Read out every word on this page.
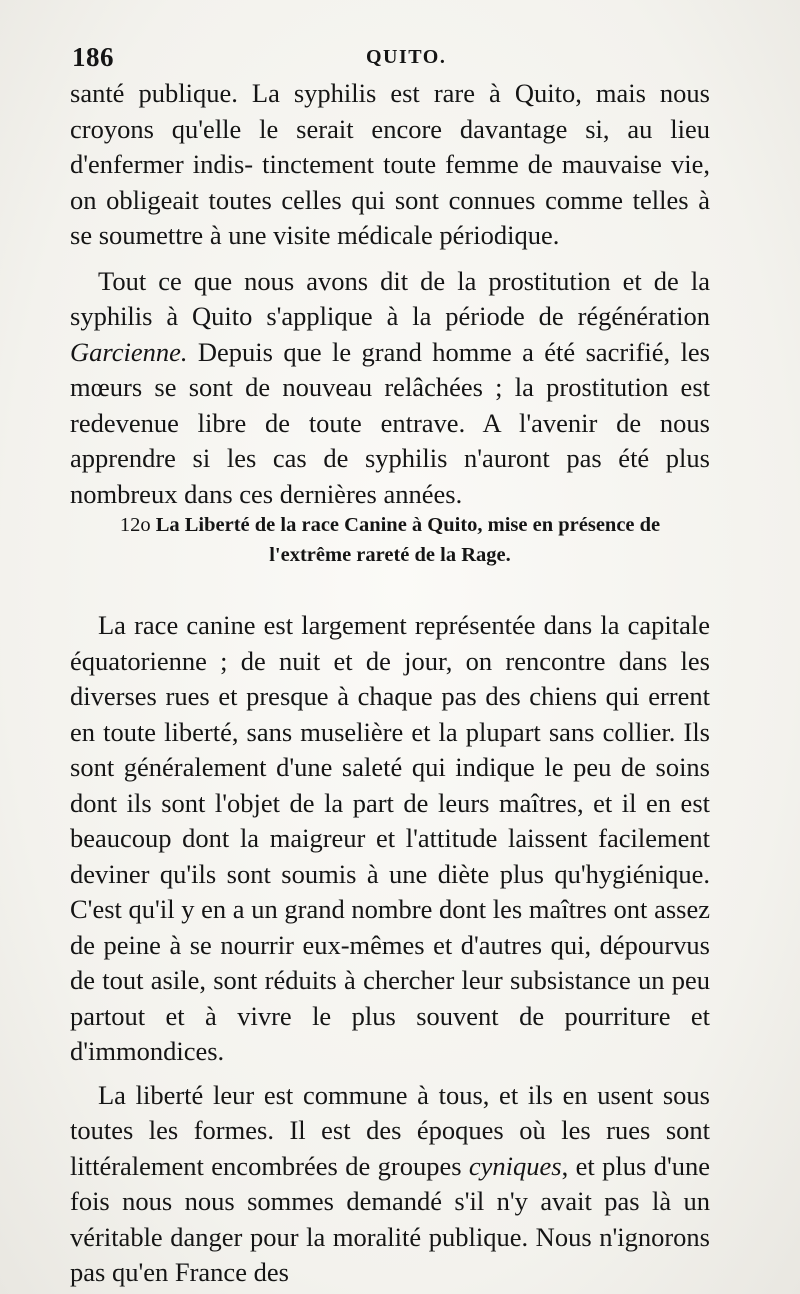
186	QUITO.

santé publique. La syphilis est rare à Quito, mais nous croyons qu'elle le serait encore davantage si, au lieu d'enfermer indis- tinctement toute femme de mauvaise vie, on obligeait toutes celles qui sont connues comme telles à se soumettre à une visite médicale périodique.

Tout ce que nous avons dit de la prostitution et de la syphilis à Quito s'applique à la période de régénération Garcienne. Depuis que le grand homme a été sacrifié, les mœurs se sont de nouveau relâchées ; la prostitution est redevenue libre de toute entrave. A l'avenir de nous apprendre si les cas de syphilis n'auront pas été plus nombreux dans ces dernières années.

12o La Liberté de la race Canine à Quito, mise en présence de
l'extrême rareté de la Rage.

La race canine est largement représentée dans la capitale équatorienne ; de nuit et de jour, on rencontre dans les diverses rues et presque à chaque pas des chiens qui errent en toute liberté, sans muselière et la plupart sans collier. Ils sont généralement d'une saleté qui indique le peu de soins dont ils sont l'objet de la part de leurs maîtres, et il en est beaucoup dont la maigreur et l'attitude laissent facilement deviner qu'ils sont soumis à une diète plus qu'hygiénique. C'est qu'il y en a un grand nombre dont les maîtres ont assez de peine à se nourrir eux-mêmes et d'autres qui, dépourvus de tout asile, sont réduits à chercher leur subsistance un peu partout et à vivre le plus souvent de pourriture et d'immondices.

La liberté leur est commune à tous, et ils en usent sous toutes les formes. Il est des époques où les rues sont littéralement encombrées de groupes cyniques, et plus d'une fois nous nous sommes demandé s'il n'y avait pas là un véritable danger pour la moralité publique. Nous n'ignorons pas qu'en France des
